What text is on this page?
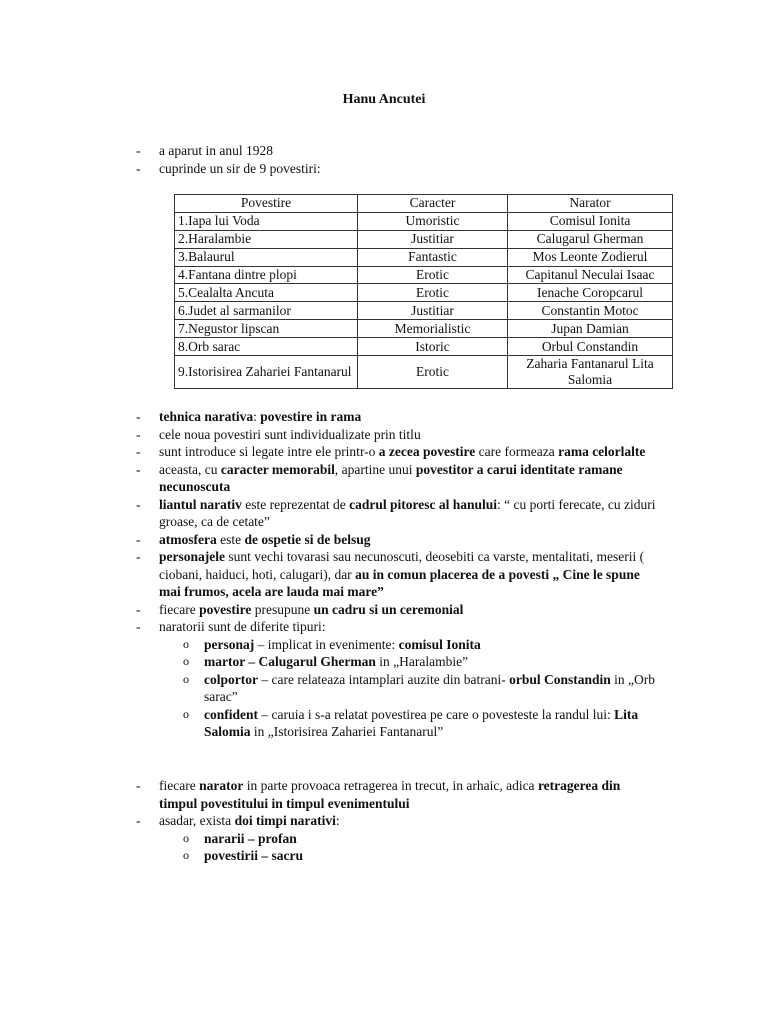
Hanu Ancutei
- a aparut in anul 1928
- cuprinde un sir de 9 povestiri:
Povestire	Caracter	Narator
1.Iapa lui Voda	Umoristic	Comisul Ionita
2.Haralambie	Justitiar	Calugarul Gherman
3.Balaurul	Fantastic	Mos Leonte Zodierul
4.Fantana dintre plopi	Erotic	Capitanul Neculai Isaac
5.Cealalta Ancuta	Erotic	Ienache Coropcarul
6.Judet al sarmanilor	Justitiar	Constantin Motoc
7.Negustor lipscan	Memorialistic	Jupan Damian
8.Orb sarac	Istoric	Orbul Constandin
9.Istorisirea Zahariei Fantanarul	Erotic	Zaharia Fantanarul Lita Salomia
- tehnica narativa: povestire in rama
- cele noua povestiri sunt individualizate prin titlu
- sunt introduce si legate intre ele printr-o a zecea povestire care formeaza rama celorlalte
- aceasta, cu caracter memorabil, apartine unui povestitor a carui identitate ramane necunoscuta
- liantul narativ este reprezentat de cadrul pitoresc al hanului: “ cu porti ferecate, cu ziduri groase, ca de cetate”
- atmosfera este de ospetie si de belsug
- personajele sunt vechi tovarasi sau necunoscuti, deosebiti ca varste, mentalitati, meserii ( ciobani, haiduci, hoti, calugari), dar au in comun placerea de a povesti „ Cine le spune mai frumos, acela are lauda mai mare”
- fiecare povestire presupune un cadru si un ceremonial
- naratorii sunt de diferite tipuri:
o personaj – implicat in evenimente: comisul Ionita
o martor – Calugarul Gherman in „Haralambie”
o colportor – care relateaza intamplari auzite din batrani- orbul Constandin in „Orb sarac”
o confident – caruia i s-a relatat povestirea pe care o povesteste la randul lui: Lita Salomia in „Istorisirea Zahariei Fantanarul”
- fiecare narator in parte provoaca retragerea in trecut, in arhaic, adica retragerea din timpul povestitului in timpul evenimentului
- asadar, exista doi timpi narativi:
o nararii – profan
o povestirii – sacru
